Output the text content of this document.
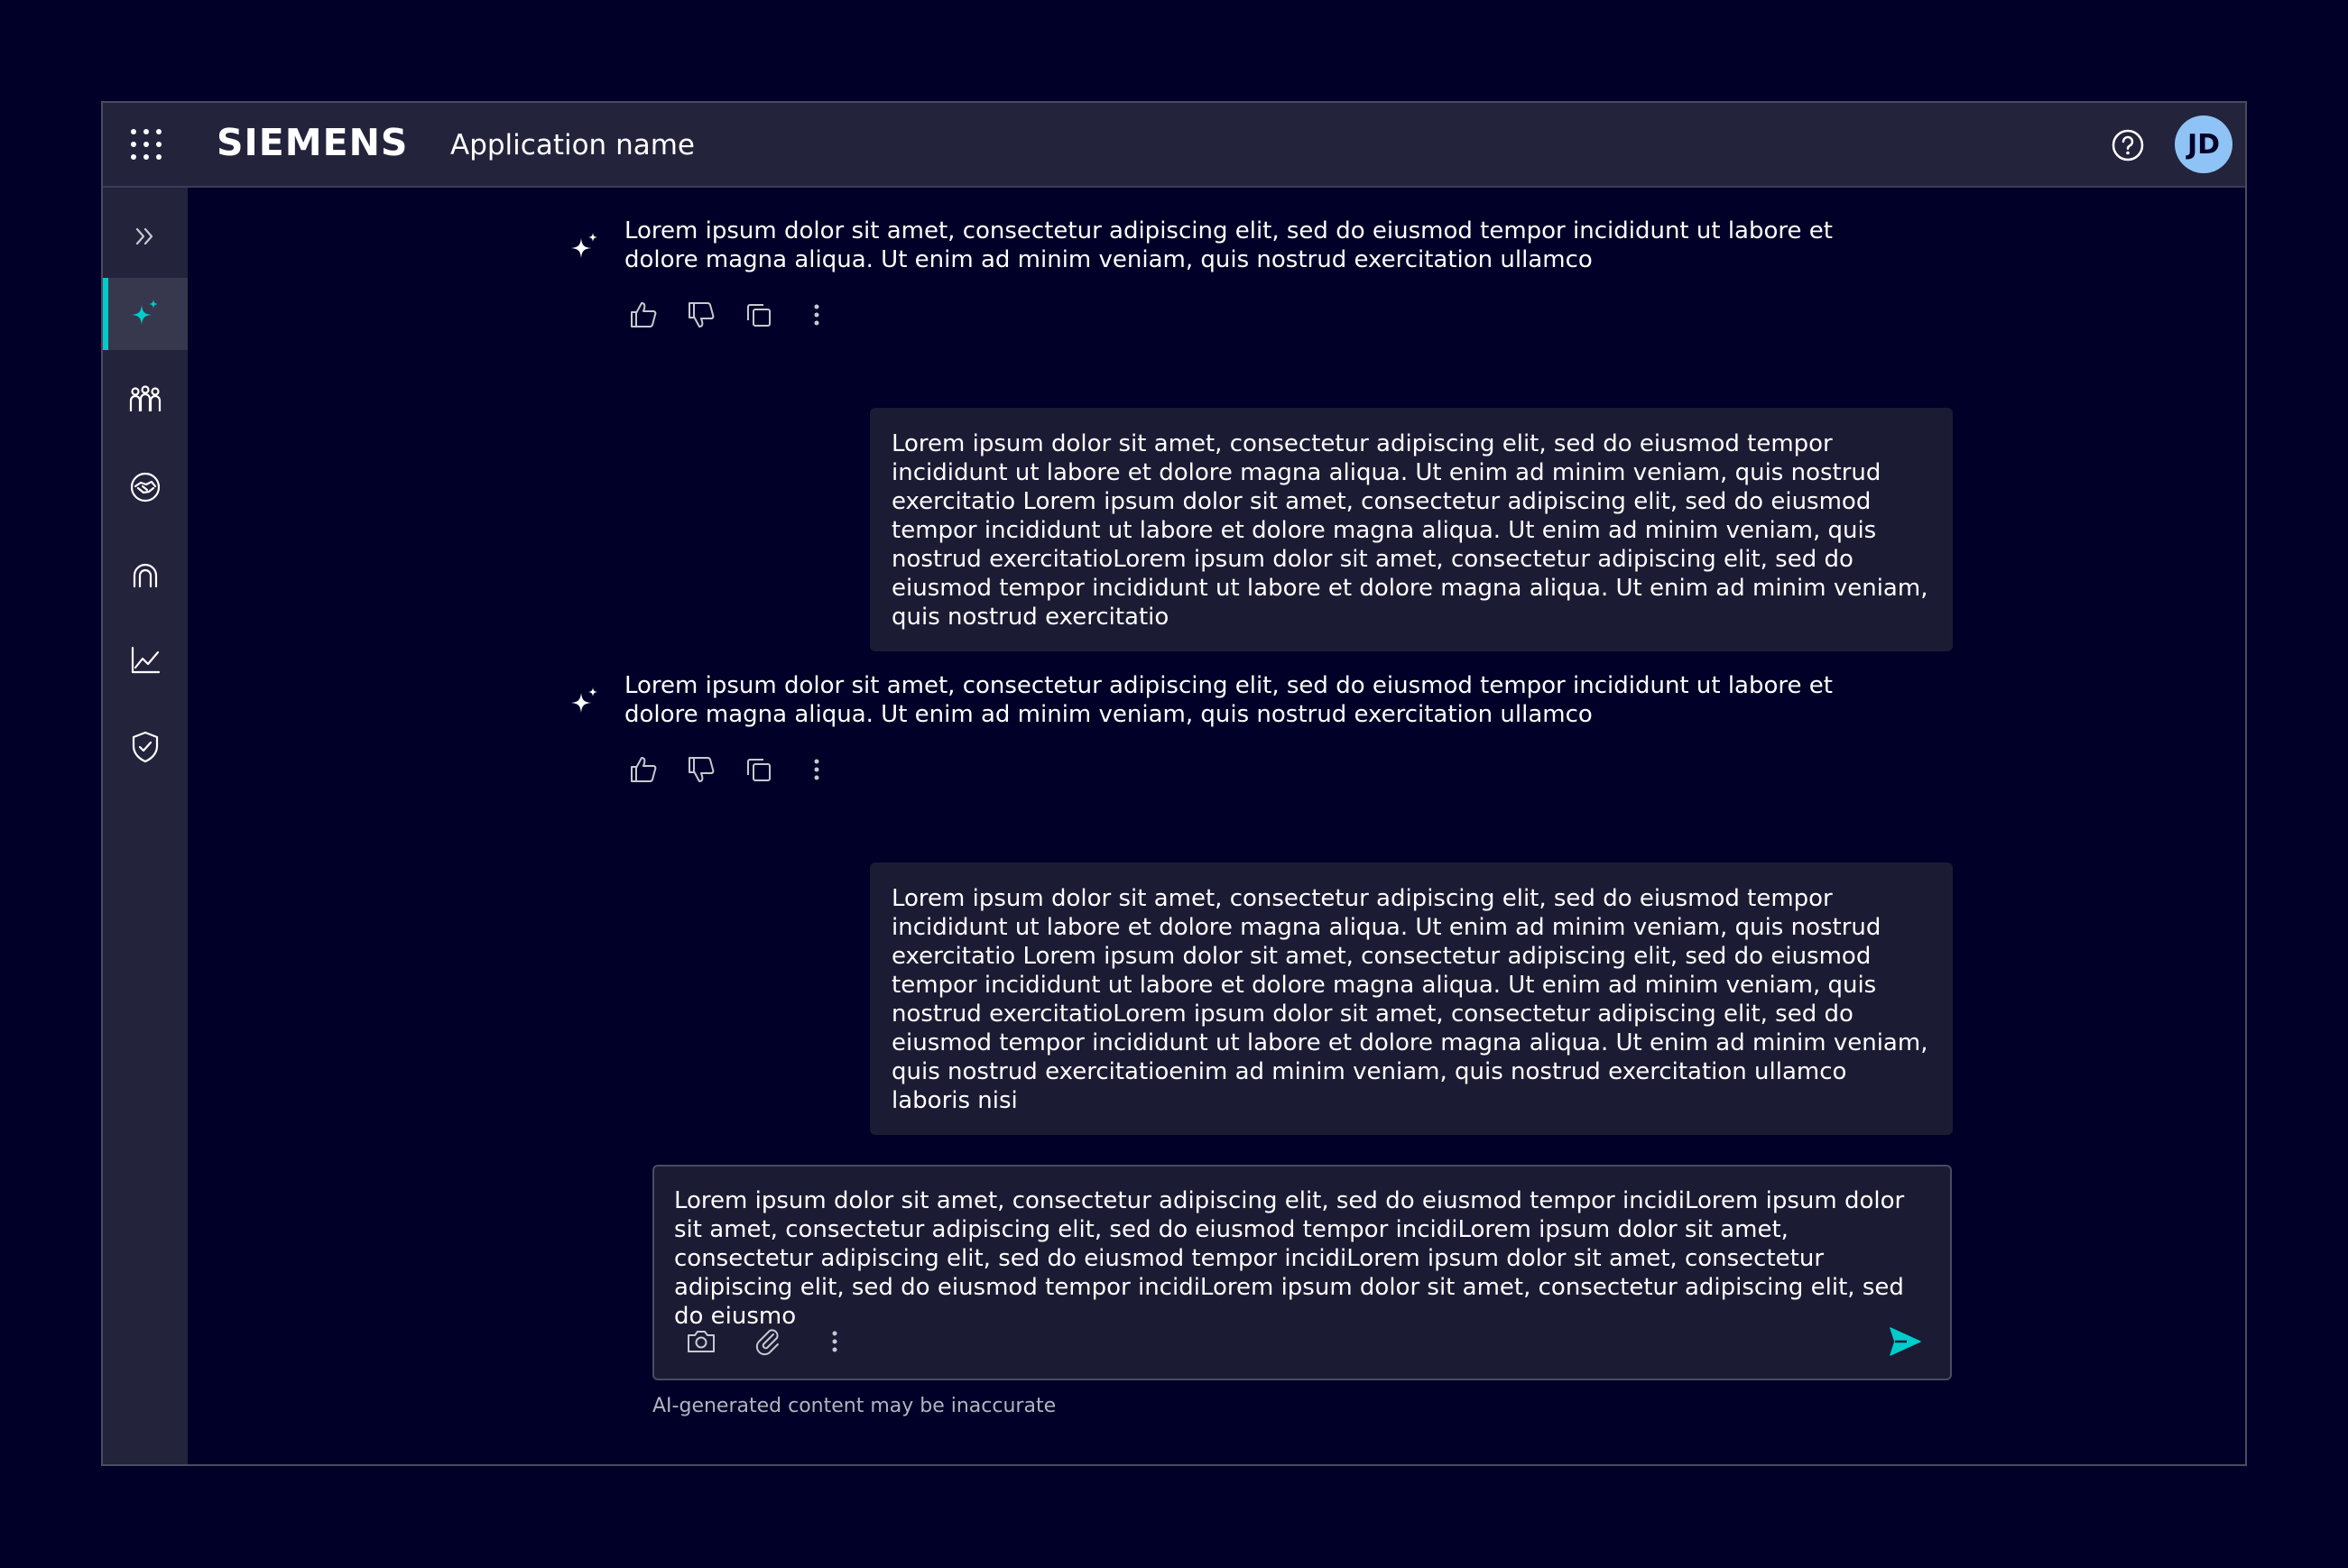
SIEMENS Application name	JD
Lorem ipsum dolor sit amet, consectetur adipiscing elit, sed do eiusmod tempor incididunt ut labore et dolore magna aliqua. Ut enim ad minim veniam, quis nostrud exercitation ullamco
Lorem ipsum dolor sit amet, consectetur adipiscing elit, sed do eiusmod tempor incididunt ut labore et dolore magna aliqua. Ut enim ad minim veniam, quis nostrud exercitatio Lorem ipsum dolor sit amet, consectetur adipiscing elit, sed do eiusmod tempor incididunt ut labore et dolore magna aliqua. Ut enim ad minim veniam, quis nostrud exercitatioLorem ipsum dolor sit amet, consectetur adipiscing elit, sed do eiusmod tempor incididunt ut labore et dolore magna aliqua. Ut enim ad minim veniam, quis nostrud exercitatio
Lorem ipsum dolor sit amet, consectetur adipiscing elit, sed do eiusmod tempor incididunt ut labore et dolore magna aliqua. Ut enim ad minim veniam, quis nostrud exercitation ullamco
Lorem ipsum dolor sit amet, consectetur adipiscing elit, sed do eiusmod tempor incididunt ut labore et dolore magna aliqua. Ut enim ad minim veniam, quis nostrud exercitatio Lorem ipsum dolor sit amet, consectetur adipiscing elit, sed do eiusmod tempor incididunt ut labore et dolore magna aliqua. Ut enim ad minim veniam, quis nostrud exercitatioLorem ipsum dolor sit amet, consectetur adipiscing elit, sed do eiusmod tempor incididunt ut labore et dolore magna aliqua. Ut enim ad minim veniam, quis nostrud exercitatioenim ad minim veniam, quis nostrud exercitation ullamco laboris nisi
Lorem ipsum dolor sit amet, consectetur adipiscing elit, sed do eiusmod tempor incidiLorem ipsum dolor sit amet, consectetur adipiscing elit, sed do eiusmod tempor incidiLorem ipsum dolor sit amet, consectetur adipiscing elit, sed do eiusmod tempor incidiLorem ipsum dolor sit amet, consectetur adipiscing elit, sed do eiusmod tempor incidiLorem ipsum dolor sit amet, consectetur adipiscing elit, sed do eiusmo
AI-generated content may be inaccurate
